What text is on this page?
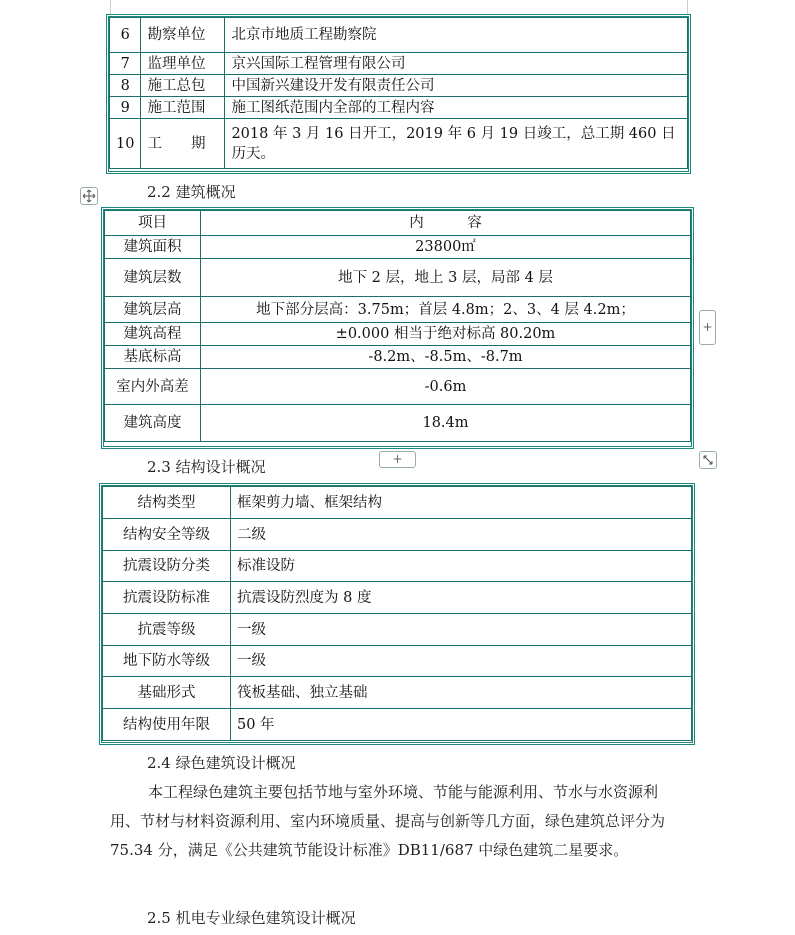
6	勘察单位	北京市地质工程勘察院
7	监理单位	京兴国际工程管理有限公司
8	施工总包	中国新兴建设开发有限责任公司
9	施工范围	施工图纸范围内全部的工程内容
10	工　　期	2018 年 3 月 16 日开工，2019 年 6 月 19 日竣工，总工期 460 日历天。
2.2 建筑概况
项目	内　　　容
建筑面积	23800㎡
建筑层数	地下 2 层，地上 3 层，局部 4 层
建筑层高	地下部分层高：3.75m；首层 4.8m；2、3、4 层 4.2m；
建筑高程	±0.000 相当于绝对标高 80.20m
基底标高	-8.2m、-8.5m、-8.7m
室内外高差	-0.6m
建筑高度	18.4m
+
+
2.3 结构设计概况
结构类型	框架剪力墙、框架结构
结构安全等级	二级
抗震设防分类	标准设防
抗震设防标准	抗震设防烈度为 8 度
抗震等级	一级
地下防水等级	一级
基础形式	筏板基础、独立基础
结构使用年限	50 年
2.4 绿色建筑设计概况
本工程绿色建筑主要包括节地与室外环境、节能与能源利用、节水与水资源利用、节材与材料资源利用、室内环境质量、提高与创新等几方面，绿色建筑总评分为 75.34 分，满足《公共建筑节能设计标准》DB11/687 中绿色建筑二星要求。
2.5 机电专业绿色建筑设计概况
